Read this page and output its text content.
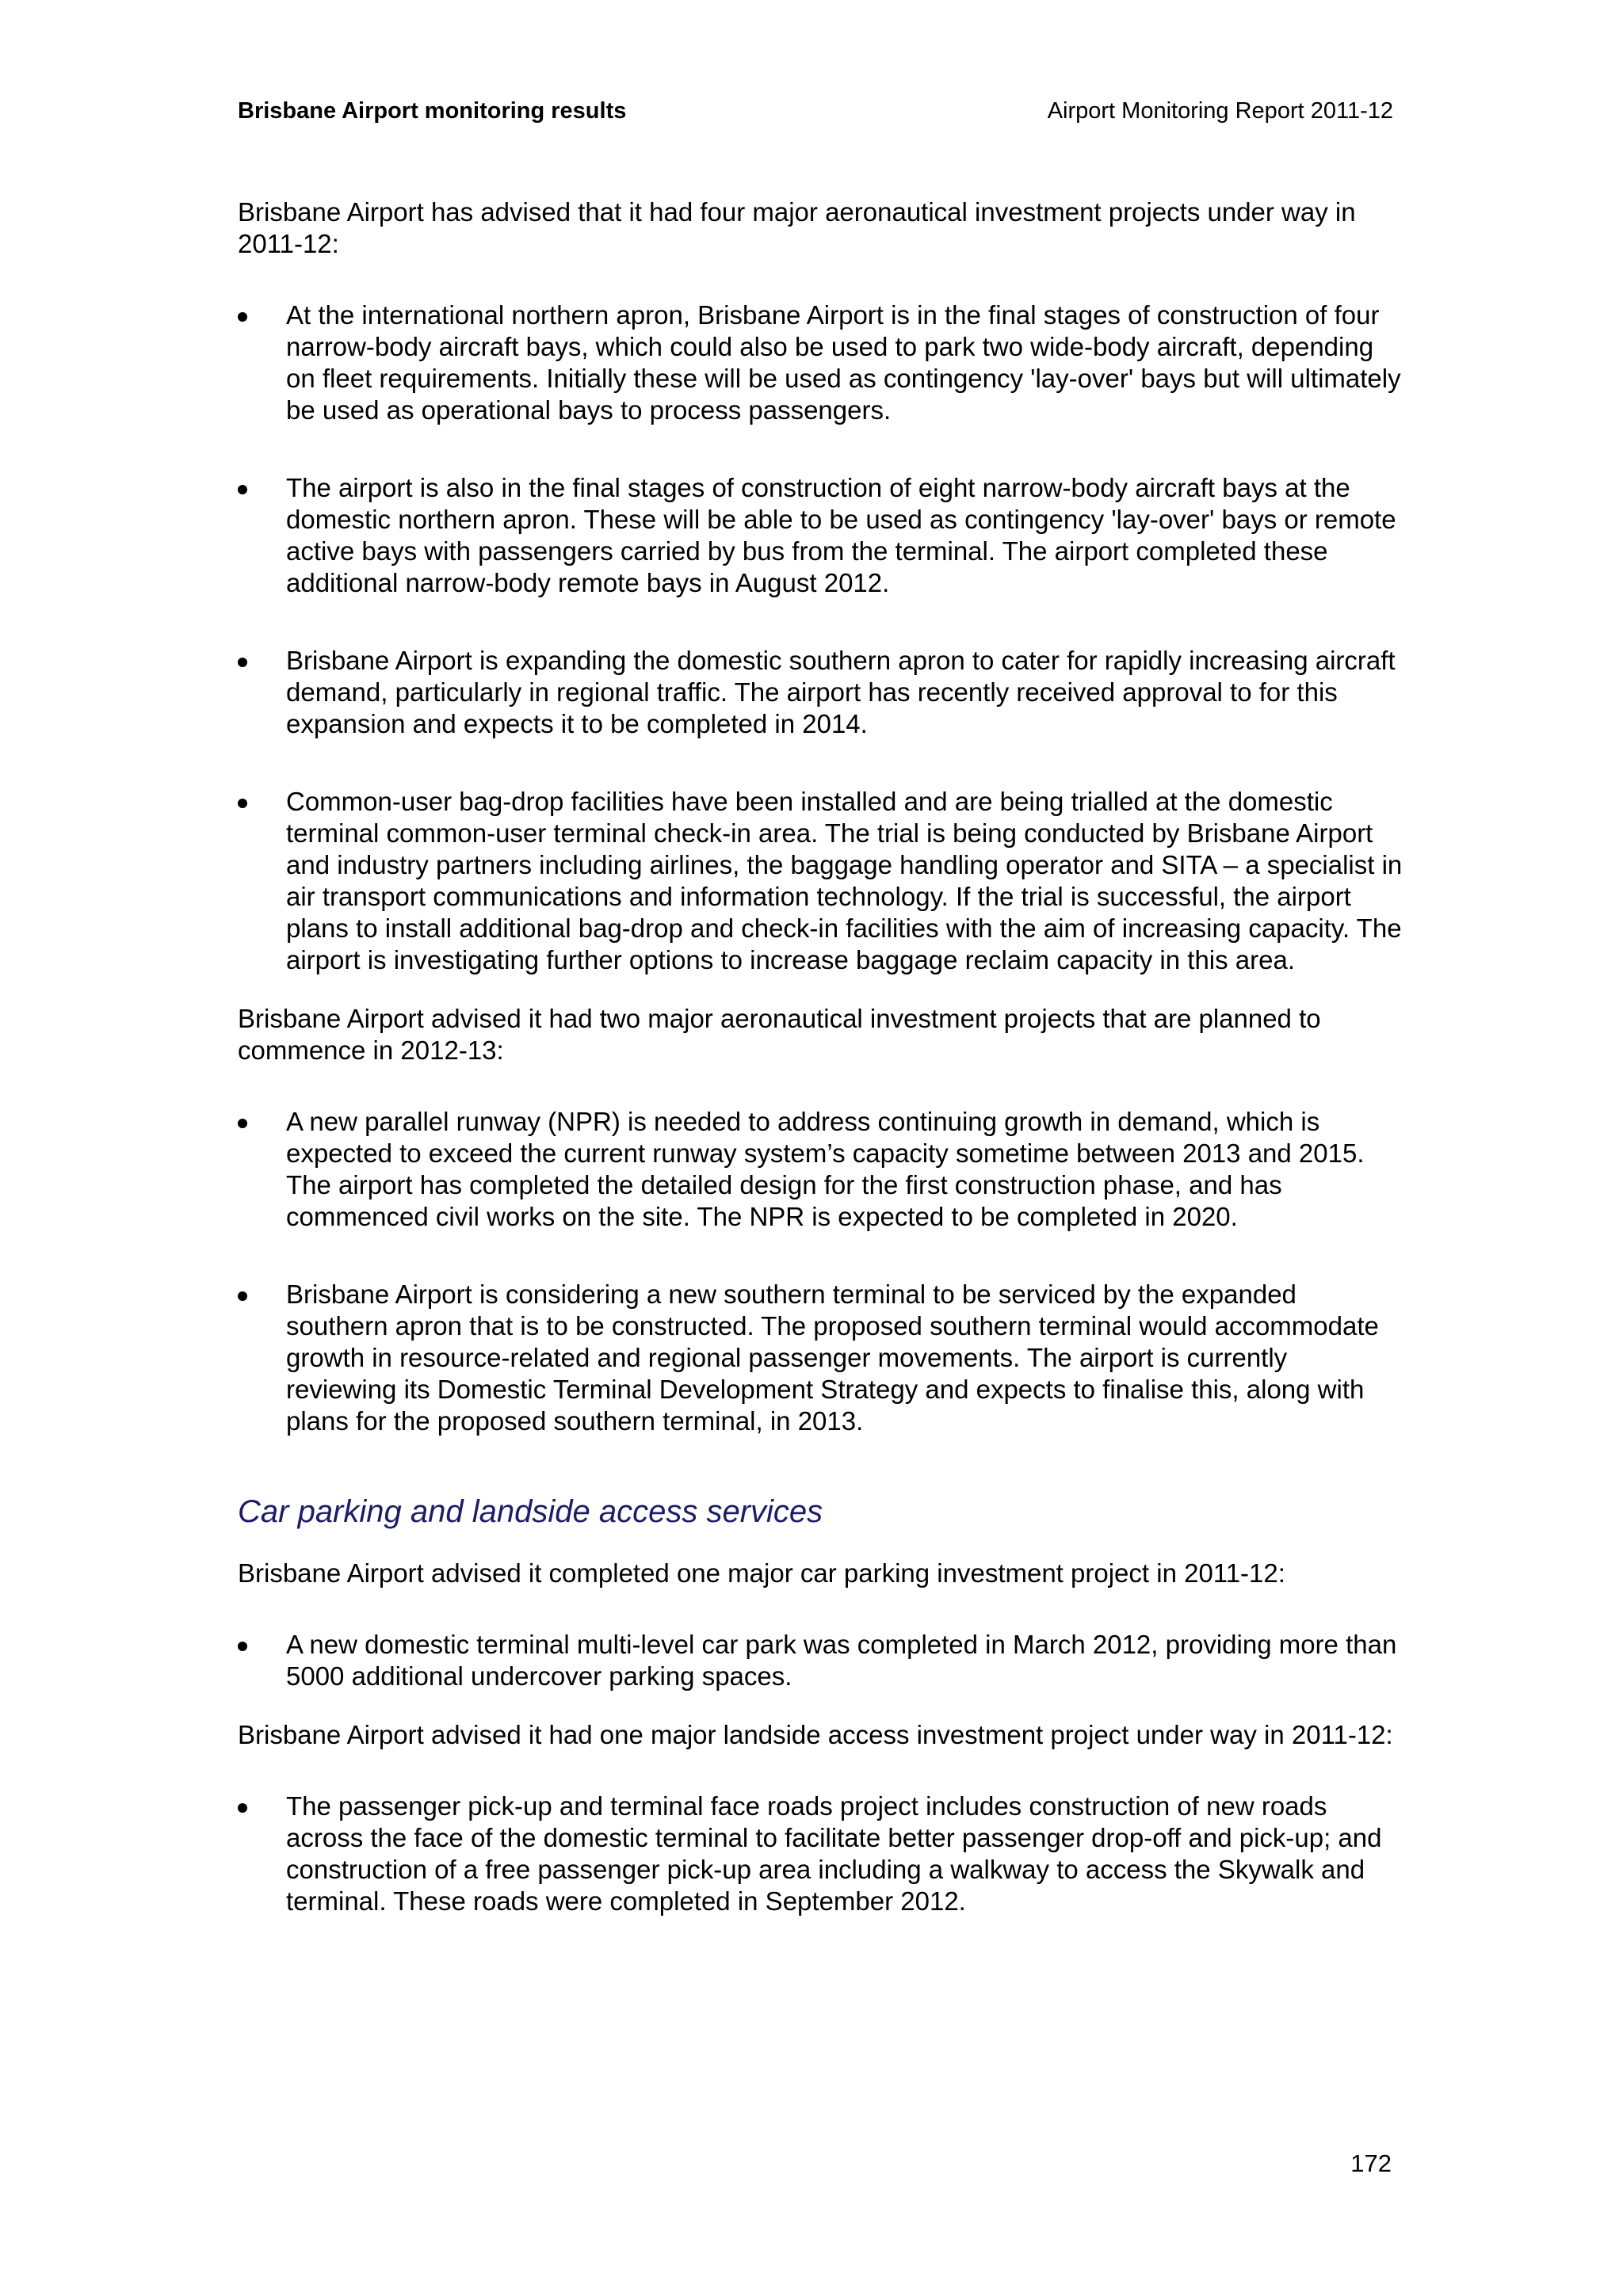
Brisbane Airport monitoring results	Airport Monitoring Report 2011-12

Brisbane Airport has advised that it had four major aeronautical investment projects under way in 2011-12:

At the international northern apron, Brisbane Airport is in the final stages of construction of four narrow-body aircraft bays, which could also be used to park two wide-body aircraft, depending on fleet requirements. Initially these will be used as contingency 'lay-over' bays but will ultimately be used as operational bays to process passengers.
The airport is also in the final stages of construction of eight narrow-body aircraft bays at the domestic northern apron. These will be able to be used as contingency 'lay-over' bays or remote active bays with passengers carried by bus from the terminal. The airport completed these additional narrow-body remote bays in August 2012.
Brisbane Airport is expanding the domestic southern apron to cater for rapidly increasing aircraft demand, particularly in regional traffic. The airport has recently received approval to for this expansion and expects it to be completed in 2014.
Common-user bag-drop facilities have been installed and are being trialled at the domestic terminal common-user terminal check-in area. The trial is being conducted by Brisbane Airport and industry partners including airlines, the baggage handling operator and SITA – a specialist in air transport communications and information technology. If the trial is successful, the airport plans to install additional bag-drop and check-in facilities with the aim of increasing capacity. The airport is investigating further options to increase baggage reclaim capacity in this area.

Brisbane Airport advised it had two major aeronautical investment projects that are planned to commence in 2012-13:

A new parallel runway (NPR) is needed to address continuing growth in demand, which is expected to exceed the current runway system’s capacity sometime between 2013 and 2015. The airport has completed the detailed design for the first construction phase, and has commenced civil works on the site. The NPR is expected to be completed in 2020.
Brisbane Airport is considering a new southern terminal to be serviced by the expanded southern apron that is to be constructed. The proposed southern terminal would accommodate growth in resource-related and regional passenger movements. The airport is currently reviewing its Domestic Terminal Development Strategy and expects to finalise this, along with plans for the proposed southern terminal, in 2013.
Car parking and landside access services

Brisbane Airport advised it completed one major car parking investment project in 2011-12:

A new domestic terminal multi-level car park was completed in March 2012, providing more than 5000 additional undercover parking spaces.

Brisbane Airport advised it had one major landside access investment project under way in 2011-12:

The passenger pick-up and terminal face roads project includes construction of new roads across the face of the domestic terminal to facilitate better passenger drop-off and pick-up; and construction of a free passenger pick-up area including a walkway to access the Skywalk and terminal. These roads were completed in September 2012.
172
